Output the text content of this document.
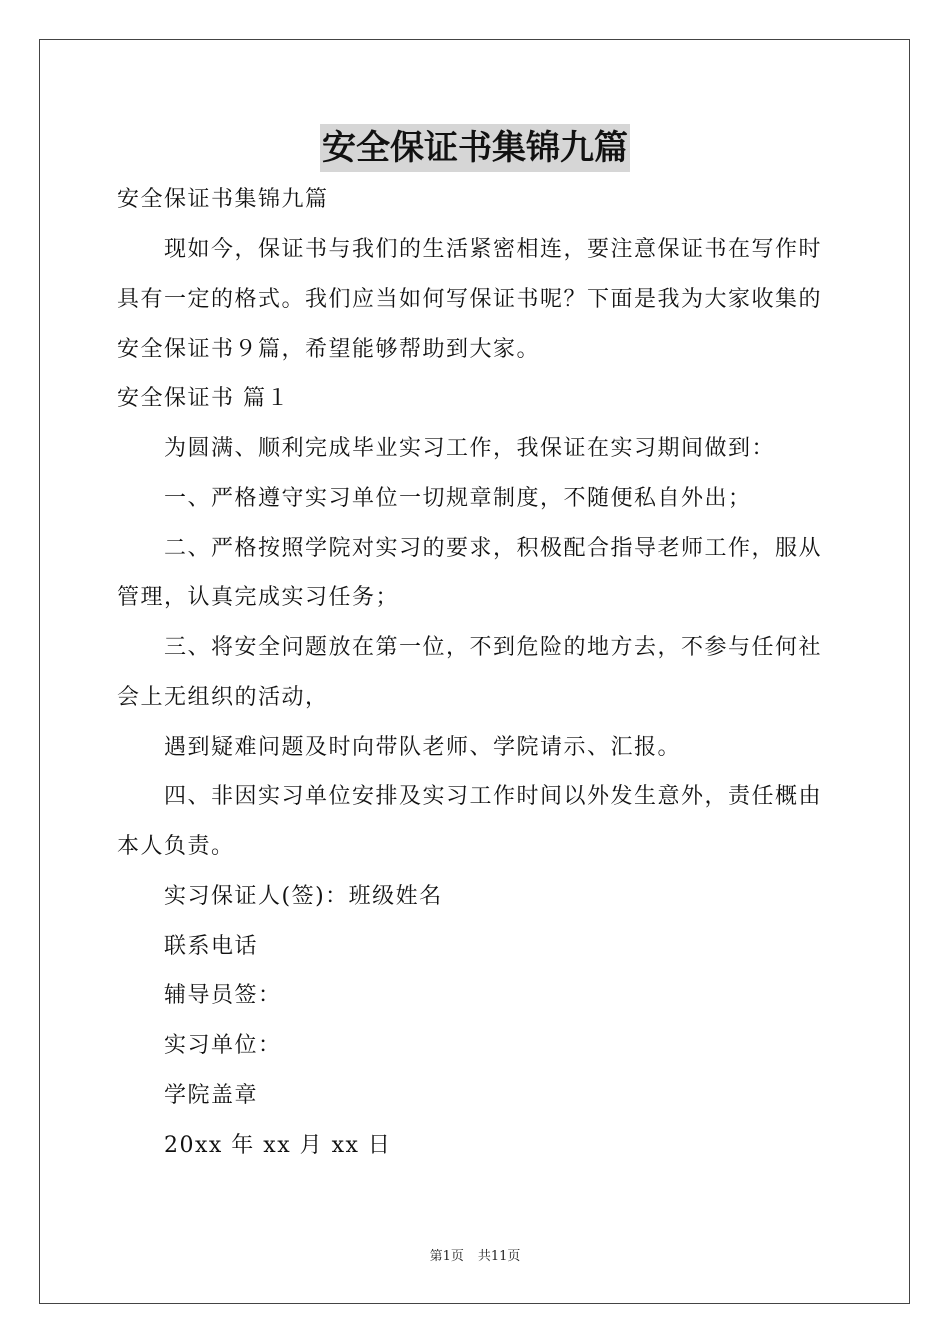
安全保证书集锦九篇
安全保证书集锦九篇
现如今，保证书与我们的生活紧密相连，要注意保证书在写作时
具有一定的格式。我们应当如何写保证书呢？下面是我为大家收集的
安全保证书９篇，希望能够帮助到大家。
安全保证书 篇１
为圆满、顺利完成毕业实习工作，我保证在实习期间做到：
一、严格遵守实习单位一切规章制度，不随便私自外出；
二、严格按照学院对实习的要求，积极配合指导老师工作，服从
管理，认真完成实习任务；
三、将安全问题放在第一位，不到危险的地方去，不参与任何社
会上无组织的活动，
遇到疑难问题及时向带队老师、学院请示、汇报。
四、非因实习单位安排及实习工作时间以外发生意外，责任概由
本人负责。
实习保证人(签)：班级姓名
联系电话
辅导员签：
实习单位：
学院盖章
20xx 年 xx 月 xx 日
第1页 共11页
